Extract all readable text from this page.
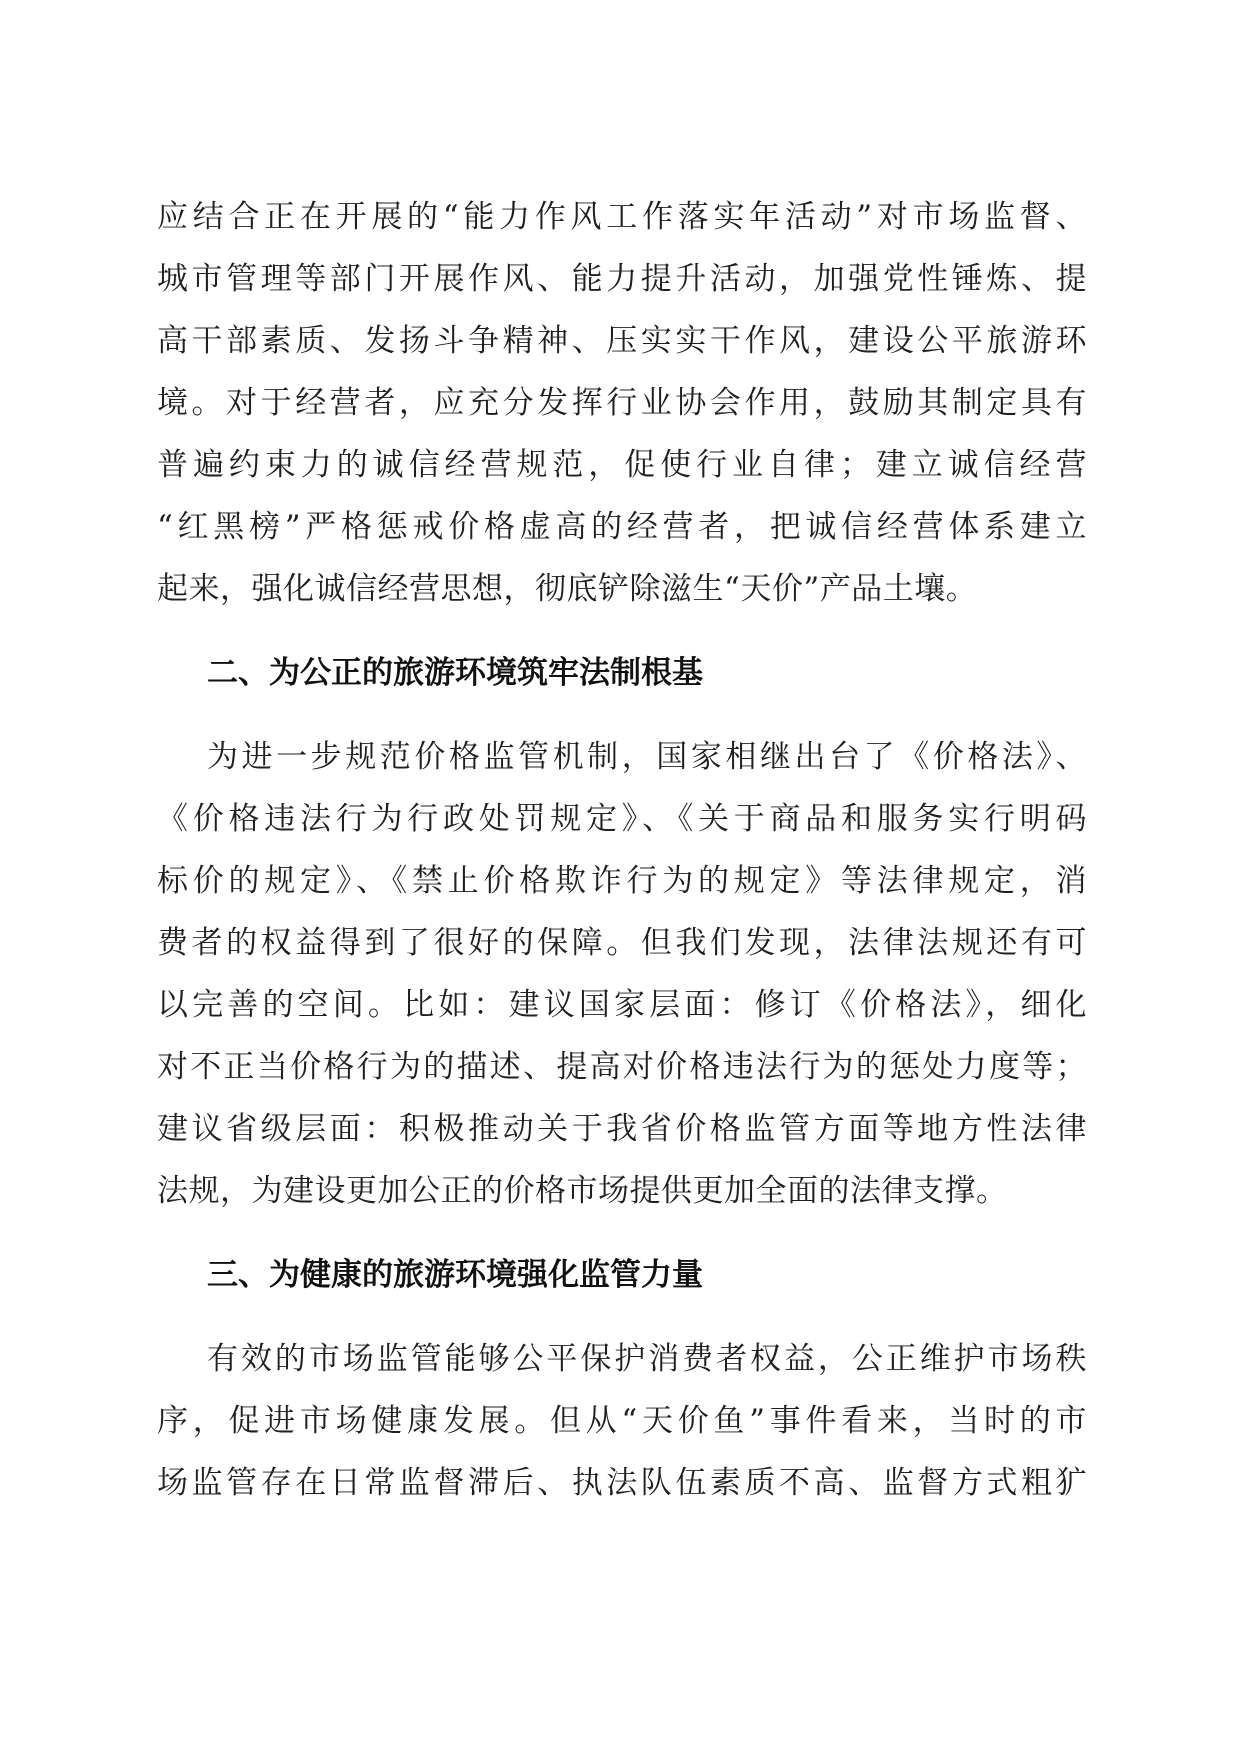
应结合正在开展的“能力作风工作落实年活动”对市场监督、
城市管理等部门开展作风、能力提升活动，加强党性锤炼、提
高干部素质、发扬斗争精神、压实实干作风，建设公平旅游环
境。对于经营者，应充分发挥行业协会作用，鼓励其制定具有
普遍约束力的诚信经营规范，促使行业自律；建立诚信经营
“红黑榜”严格惩戒价格虚高的经营者，把诚信经营体系建立
起来，强化诚信经营思想，彻底铲除滋生“天价”产品土壤。
二、为公正的旅游环境筑牢法制根基
为进一步规范价格监管机制，国家相继出台了《价格法》、
《价格违法行为行政处罚规定》、《关于商品和服务实行明码
标价的规定》、《禁止价格欺诈行为的规定》等法律规定，消
费者的权益得到了很好的保障。但我们发现，法律法规还有可
以完善的空间。比如：建议国家层面：修订《价格法》，细化
对不正当价格行为的描述、提高对价格违法行为的惩处力度等；
建议省级层面：积极推动关于我省价格监管方面等地方性法律
法规，为建设更加公正的价格市场提供更加全面的法律支撑。
三、为健康的旅游环境强化监管力量
有效的市场监管能够公平保护消费者权益，公正维护市场秩
序，促进市场健康发展。但从“天价鱼”事件看来，当时的市
场监管存在日常监督滞后、执法队伍素质不高、监督方式粗犷
